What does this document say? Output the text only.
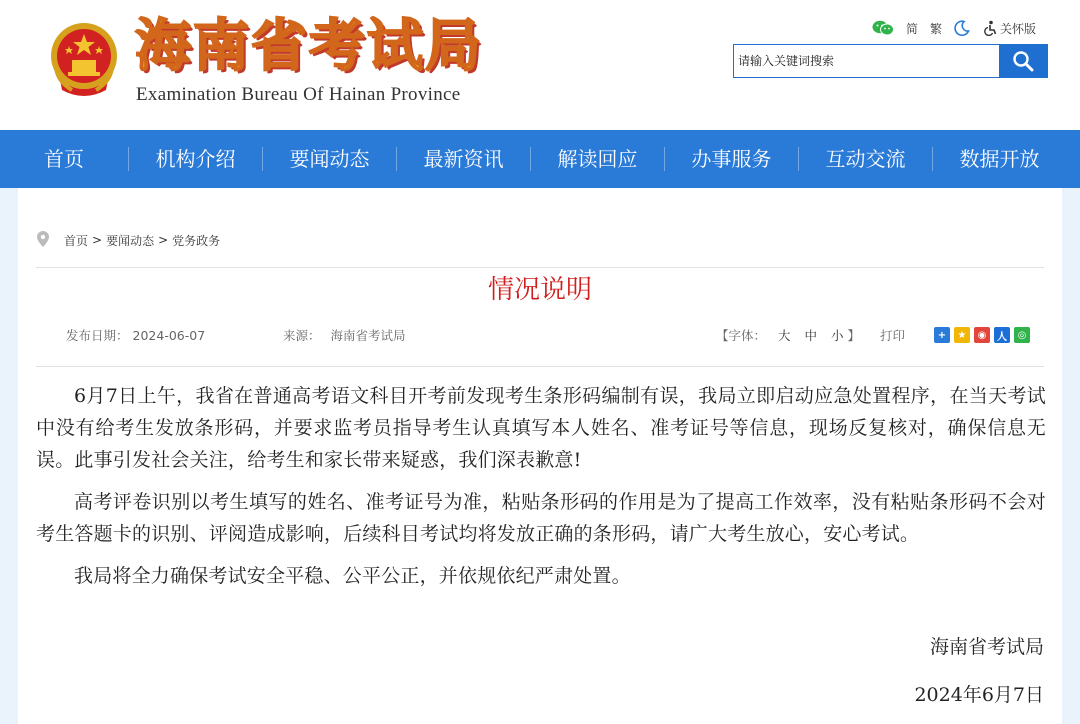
海南省考试局
Examination Bureau Of Hainan Province
简 繁	关怀版
请输入关键词搜索
首页	机构介绍	要闻动态	最新资讯	解读回应	办事服务	互动交流	数据开放
首页 > 要闻动态 > 党务政务
情况说明
发布日期： 2024-06-07	来源： 海南省考试局	【字体： 大 中 小 】 打印	+	★	◉	人	◎

6月7日上午，我省在普通高考语文科目开考前发现考生条形码编制有误，我局立即启动应急处置程序，在当天考试中没有给考生发放条形码，并要求监考员指导考生认真填写本人姓名、准考证号等信息，现场反复核对，确保信息无误。此事引发社会关注，给考生和家长带来疑惑，我们深表歉意!

高考评卷识别以考生填写的姓名、准考证号为准，粘贴条形码的作用是为了提高工作效率，没有粘贴条形码不会对考生答题卡的识别、评阅造成影响，后续科目考试均将发放正确的条形码，请广大考生放心，安心考试。

我局将全力确保考试安全平稳、公平公正，并依规依纪严肃处置。

海南省考试局
2024年6月7日
